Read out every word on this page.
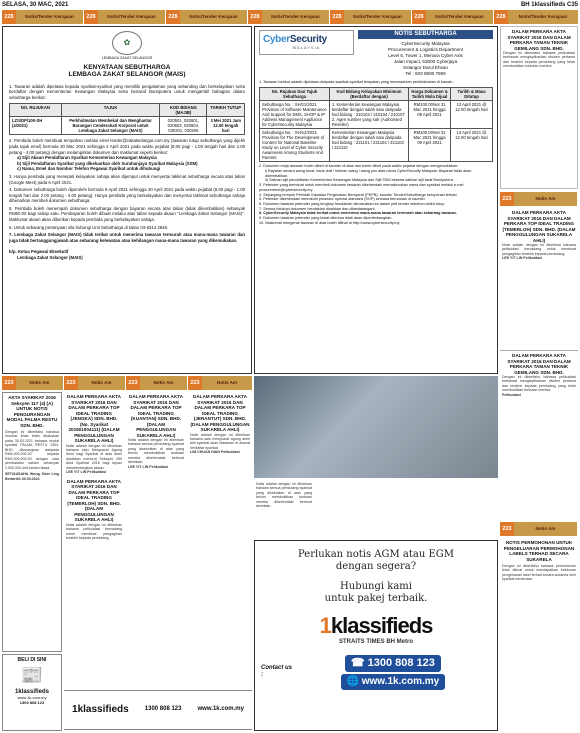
SELASA, 30 MAC, 2021	BH 1klassifieds C35
228	Notis/Tender Kerajaan	228	Notis/Tender Kerajaan	228	Notis/Tender Kerajaan	228	Notis/Tender Kerajaan	228	Notis/Tender Kerajaan	228	Notis/Tender Kerajaan	228	Notis/Tender Kerajaan
✿
LEMBAGA ZAKAT SELANGOR
KENYATAAN SEBUTHARGA
LEMBAGA ZAKAT SELANGOR (MAIS)

1. Tawaran adalah dipelawa kepada syarikat-syarikat yang memiliki pengalaman yang sebanding dan berkelayakan serta berdaftar dengan Kementerian Kewangan Malaysia serta bertaraf Bumiputera untuk mengambil bahagian dalam sebutharga berikut:

NO. RUJUKAN	TAJUK	KOD BIDANG (MAJIB)	TARIKH TUTUP
LZS/DP/100-SH (4/2021)	Perkhidmatan Membekal dan Menghantar Barangan Cenderahati Korporat untuk Lembaga Zakat Selangor (MAIS)	020501, 020601, 020603, 020604, 030201, 030206	3 Mei 2021 Jam 12.00 tengah hari

2. Pembida boleh membuat tempahan melalui emel tender@zakatselangor.com.my (tawaran tutup sebutharga yang dijelih pada tajuk emel) bermula 30 Mac 2021 sehingga 2 April 2021 pada waktu pejabat (8.00 pagi - 1.00 tengah hari dan 2.00 petang - 4.00 petang) dengan melampirkan dokumen dan maklumat seperti berikut:

a) Sijil Akaun Pendaftaran Syarikat Kementerian Kewangan Malaysia

b) Sijil Pendaftaran Syarikat yang dikeluarkan oleh Suruhanjaya Syarikat Malaysia (SSM)

c) Nama, Emel dan Nombor Telefon Pegawai Syarikat untuk dihubungi

3. Hanya pembida yang menepati kelayakan sahaja akan dijemput untuk menyertai taklimat sebutharga secara atas talian (Google Meet) pada 6 April 2021.

4. Dokumen sebutharga boleh diperolehi bermula 8 April 2021 sehingga 30 April 2021 pada waktu pejabat (8.00 pagi - 1.00 tengah hari dan 2.00 petang - 4.00 petang). Hanya pembida yang berkelayakan dan menyertai taklimat sebutharga sahaja dibenarkan membeli dokumen sebutharga.

5. Pembida boleh menempah dokumen sebutharga dengan bayaran secara atas talian (tidak dikembalikan) sebanyak RM50.00 bagi setiap satu. Pembayaran boleh dibuat melalui atas talian kepada akaun "Lembaga Zakat Selangor (MAIS)". Maklumat akaun akan diberikan kepada pembida yang berkelayakan sahaja.

6. Untuk sebarang pertanyaan sila hubungi Unit Sebutharga di talian 03-8314 2848.

7. Lembaga Zakat Selangor (MAIS) tidak terikat untuk menerima tawaran termurah atau mana-mana tawaran dan juga tidak bertanggungjawab atas sebarang kelewatan atau kehilangan mana-mana tawaran yang dikemukakan.

b/p. Ketua Pegawai Eksekutif

Lembaga Zakat Selangor (MAIS)

CyberSecurity
MALAYSIA
NOTIS SEBUTHARGA
CyberSecurity Malaysia
Procurement & Logistics Department
Level 6, Tower 1, Menara Cyber Axis
Jalan Impact, 63000 Cyberjaya
Selangor Darul Ehsan
Tel : 603 8800 7999

1. Tawaran berikut adalah dipelawa daripada syarikat-syarikat tempatan yang menawarkan perkhidmatan di bawah :

No. Rujukan Dan Tajuk Sebutharga	Kod Bidang Kelayakan Minimum (Berdaftar dengan)	Harga Dokumen & Tarikh Mula Dijual	Tarikh & Masa Ditutup
Sebutharga No. : SH/11/2021 Provision of Software Maintenance And Support for DMS, SHOP & IP Address Management Appliance for CyberSecurity Malaysia	1. Kementerian Kewangan Malaysia berdaftar dengan salah satu daripada kod bidang : 210103 / 210104 / 210107 2. Agen sumber yang sah (Authorised Reseller)	RM100.00/set 31 Mac 2021 hingga 09 April 2021	13 April 2021 @ 12.00 tengah hari
Sebutharga No. : SH/12/2021 Provision for The Development of Content for National Baseline Study on Level of Cyber Security Awareness Among Students And Parents	Kementerian Kewangan Malaysia berdaftar dengan salah satu daripada kod bidang : 221101 / 221104 / 221103 / 221110	RM100.00/set 31 Mac 2021 hingga 09 April 2021	13 April 2021 @ 12.00 tengah hari

2. Dokumen meja tawaran boleh dibeli di kaunter di atas dan boleh dibeli pada waktu pejabat dengan mengemukakan:

i) Bayaran secara wang tunai, bank draf / kiriman wang / wang pos atas nama CyberSecurity Malaysia. Bayaran tidak akan dikembalikan.

ii) Salinan sijil pendaftaran Kementerian Kewangan Malaysia dan Sijil SSM beserta salinan sijil taraf Bumiputera.

3. Petender yang berminat untuk membeli dokumen tawaran dikehendaki memaklumkan nama dan syarikat melalui e-mel procurement@cybersecurity.my.

4. Sepanjang tempoh Perintah Kawalan Pergerakan Bersyarat (PKPB), kaunter Tender/Sebutharga beroperasi terhad.

5. Petender dikehendaki mematuhi prosedur operasi standard (SOP) semasa berurusan di kaunter.

6. Dokumen tawaran petender yang lengkap hendaklah dimasukkan ke dalam peti tender sebelum tarikh tutup.

7. Semua fotokopi dokumen hendaklah disahkan dan ditandatangani.

8. CyberSecurity Malaysia tidak terikat untuk menerima mana-mana tawaran termurah atau sebarang tawaran.

9. Dokumen tawaran petender yang lewat diterima tidak akan dipertimbangkan.

10. Maklumat mengenai tawaran di atas boleh dilihat di http://www.cybersecurity.my

DALAM PERKARA AKTA SYARIKAT 2016 DAN DALAM PERKARA TAMAN TEKNIK GEMILANG SDN. BHD.

Dengan ini diberitahu bahawa pelikuidasi berhasrat mengisytiharkan dividen pertama dan terakhir kepada pemiutang yang telah membuktikan tuntutan mereka.

223	Notis Am
DALAM PERKARA AKTA SYARIKAT 2016 DAN DALAM PERKARA TOP IDEAL TRADING (TEMERLOH) SDN. BHD. (DALAM PENGGULUNGAN SUKARELA AHLI)

Notis adalah dengan ini diberikan bahawa pelikuidasi bercadang untuk membuat pengagihan terakhir kepada pemiutang.

LEE YIT LIN Pelikuidasi

DALAM PERKARA AKTA SYARIKAT 2016 DAN DALAM PERKARA TAMAN TEKNIK GEMILANG SDN. BHD.

Dengan ini diberitahu bahawa pelikuidasi berhasrat mengisytiharkan dividen pertama dan terakhir kepada pemiutang yang telah membuktikan tuntutan mereka.

Pelikuidasi

223	Notis Am
NOTIS PERMOHONAN UNTUK PENGELUARAN PERMOHONAN LABELS TERHAD SECARA SUKARELA

Dengan ini diberitahu bahawa permohonan telah dibuat untuk mendapatkan kelulusan pengeluaran label terhad secara sukarela oleh syarikat berkenaan.

223	Notis Am	223	Notis Am	223	Notis Am	223	Notis Am
AKTA SYARIKAT 2016 Seksyen 117 (4) (A) UNTUK NOTIS PENGURANGAN MODAL PALMA RESTU SDN. BHD.

Dengan ini diberitahu bahawa resolusi khas telah diluluskan pada 30.03.2021 bahawa modal syarikat PALMA RESTU SDN. BHD. dikurangkan daripada RM4,000,000.00 kepada RM2,000,000.00 dengan cara pembatalan saham sebanyak 2,000,000 unit saham biasa.

SETIAUSAHA Wong Siew Ling Bertarikh 30.03.2021

BELI DI SINI
📰
1klassifieds
www.1k.com.my
1300 808 123
DALAM PERKARA AKTA SYARIKAT 2016 DAN DALAM PERKARA TOP IDEAL TRADING (JENGKA) SDN. BHD. (No. Syarikat 201501004111) (DALAM PENGGULUNGAN SUKARELA AHLI)

Notis adalah dengan ini diberikan bahawa satu Mesyuarat Agung Akhir bagi Syarikat di atas akan diadakan menurut Seksyen 459 Akta Syarikat 2016 bagi tujuan membentangkan akaun.

LEE YIT LIN Pelikuidasi

DALAM PERKARA AKTA SYARIKAT 2016 DAN DALAM PERKARA TOP IDEAL TRADING (TEMERLOH) SDN. BHD. (DALAM PENGGULUNGAN SUKARELA AHLI)

Notis adalah dengan ini diberikan bahawa pelikuidasi bercadang untuk membuat pengagihan terakhir kepada pemiutang.

DALAM PERKARA AKTA SYARIKAT 2016 DAN DALAM PERKARA TOP IDEAL TRADING (KUANTAN) SDN. BHD. (DALAM PENGGULUNGAN SUKARELA AHLI)

Notis adalah dengan ini diberikan bahawa semua pemiutang syarikat yang disebutkan di atas yang belum membuktikan tuntutan mereka dikehendaki berbuat demikian.

LEE YIT LIN Pelikuidasi

DALAM PERKARA AKTA SYARIKAT 2016 DAN DALAM PERKARA TOP IDEAL TRADING (JERANTUT) SDN. BHD. (DALAM PENGGULUNGAN SUKARELA AHLI)

Notis adalah dengan ini diberikan bahawa satu mesyuarat agung akhir ahli syarikat akan diadakan di alamat berdaftar syarikat.

LIM CHUAN HIAN Pelikuidasi

1klassifieds	1300 808 123	www.1k.com.my

Notis adalah dengan ini diberikan bahawa semua pemiutang syarikat yang disebutkan di atas yang belum membuktikan tuntutan mereka dikehendaki berbuat demikian.

Perlukan notis AGM atau EGM
dengan segera?
Hubungi kami
untuk pakej terbaik.
1klassifieds
STRAITS TIMES BH Metro
Contact us :
☎ 1300 808 123 🌐 www.1k.com.my
